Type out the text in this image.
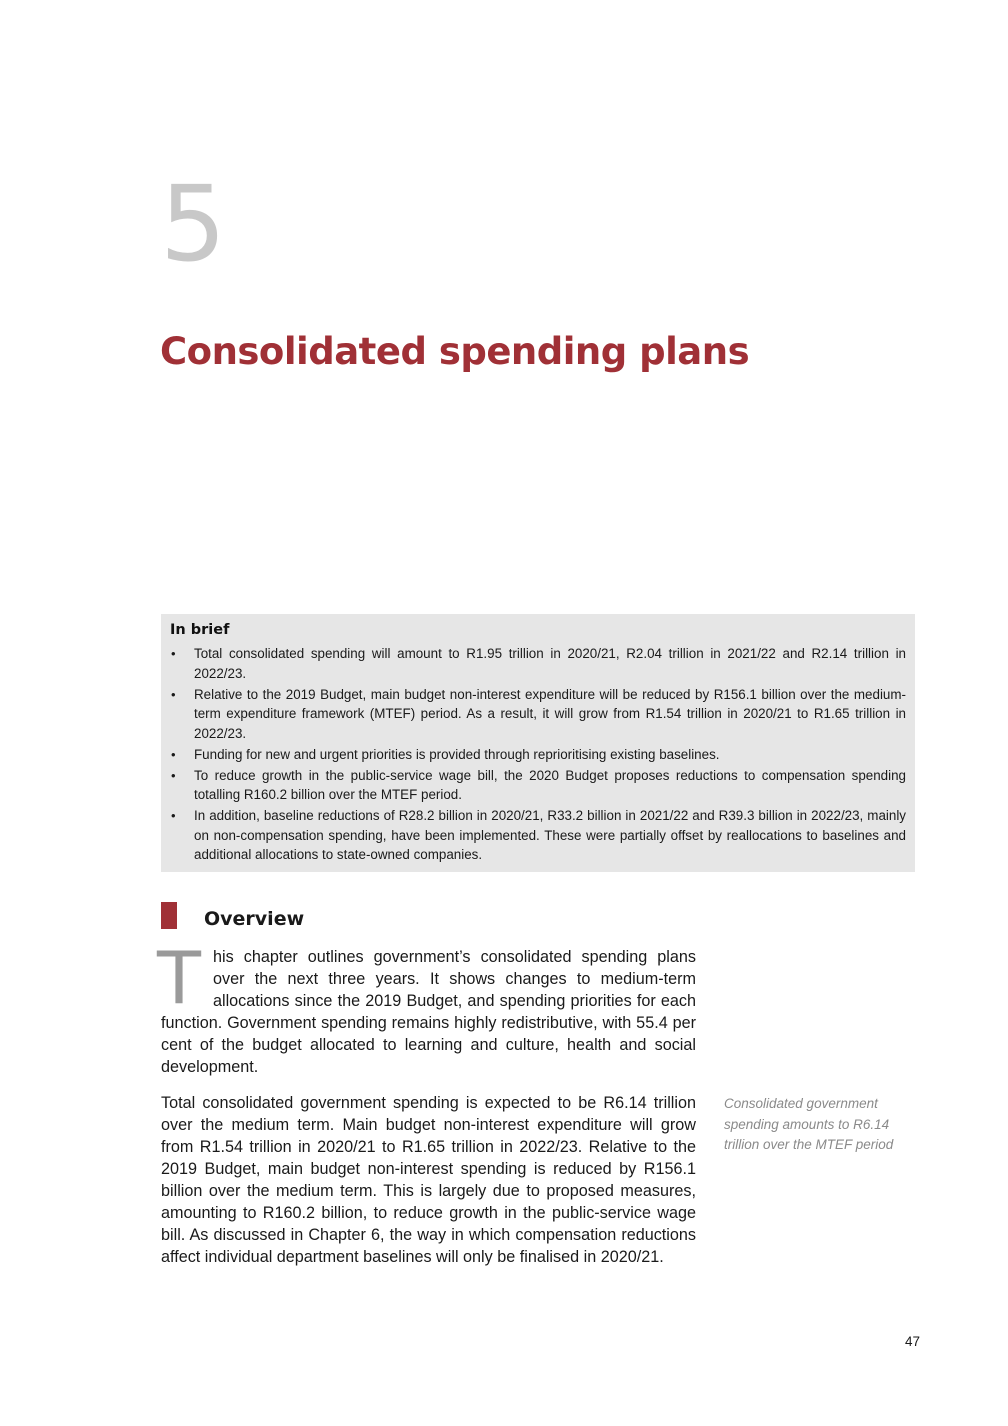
5
Consolidated spending plans
In brief
• Total consolidated spending will amount to R1.95 trillion in 2020/21, R2.04 trillion in 2021/22 and R2.14 trillion in 2022/23.
• Relative to the 2019 Budget, main budget non-interest expenditure will be reduced by R156.1 billion over the medium-term expenditure framework (MTEF) period. As a result, it will grow from R1.54 trillion in 2020/21 to R1.65 trillion in 2022/23.
• Funding for new and urgent priorities is provided through reprioritising existing baselines.
• To reduce growth in the public-service wage bill, the 2020 Budget proposes reductions to compensation spending totalling R160.2 billion over the MTEF period.
• In addition, baseline reductions of R28.2 billion in 2020/21, R33.2 billion in 2021/22 and R39.3 billion in 2022/23, mainly on non-compensation spending, have been implemented. These were partially offset by reallocations to baselines and additional allocations to state-owned companies.
Overview

This chapter outlines government’s consolidated spending plans over the next three years. It shows changes to medium-term allocations since the 2019 Budget, and spending priorities for each function. Government spending remains highly redistributive, with 55.4 per cent of the budget allocated to learning and culture, health and social development.

Total consolidated government spending is expected to be R6.14 trillion over the medium term. Main budget non-interest expenditure will grow from R1.54 trillion in 2020/21 to R1.65 trillion in 2022/23. Relative to the 2019 Budget, main budget non-interest spending is reduced by R156.1 billion over the medium term. This is largely due to proposed measures, amounting to R160.2 billion, to reduce growth in the public-service wage bill. As discussed in Chapter 6, the way in which compensation reductions affect individual department baselines will only be finalised in 2020/21.

Consolidated government spending amounts to R6.14 trillion over the MTEF period

47
